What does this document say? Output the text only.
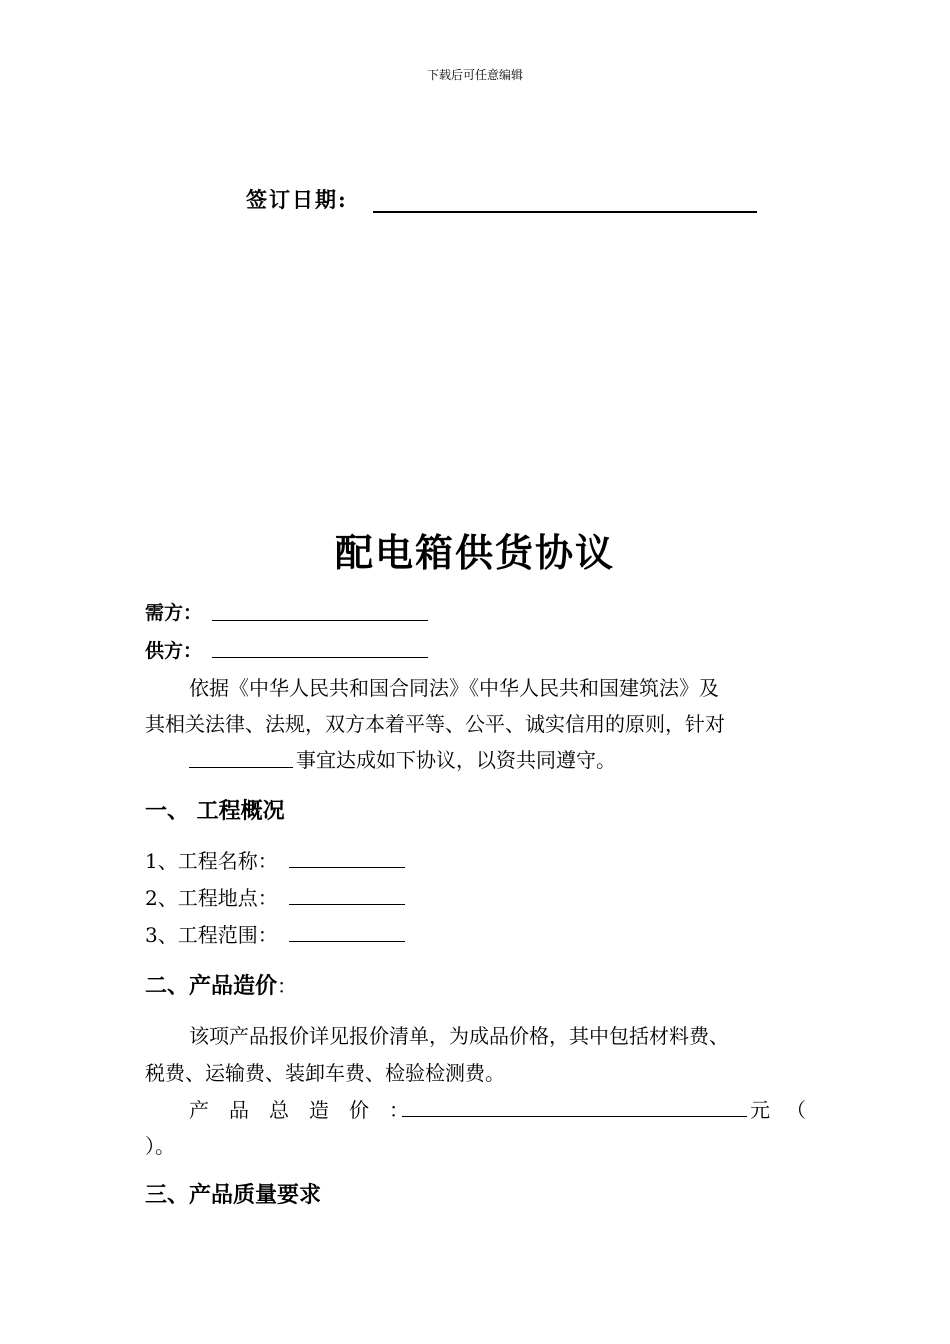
下载后可任意编辑
签订日期:
配电箱供货协议
需方：
供方：
依据《中华人民共和国合同法》《中华人民共和国建筑法》及
其相关法律、法规，双方本着平等、公平、诚实信用的原则，针对
事宜达成如下协议，以资共同遵守。
一、 工程概况
1、工程名称：
2、工程地点：
3、工程范围：
二、产品造价：
该项产品报价详见报价清单，为成品价格，其中包括材料费、
税费、运输费、装卸车费、检验检测费。
产品总造价：	元 （
）。
三、产品质量要求
